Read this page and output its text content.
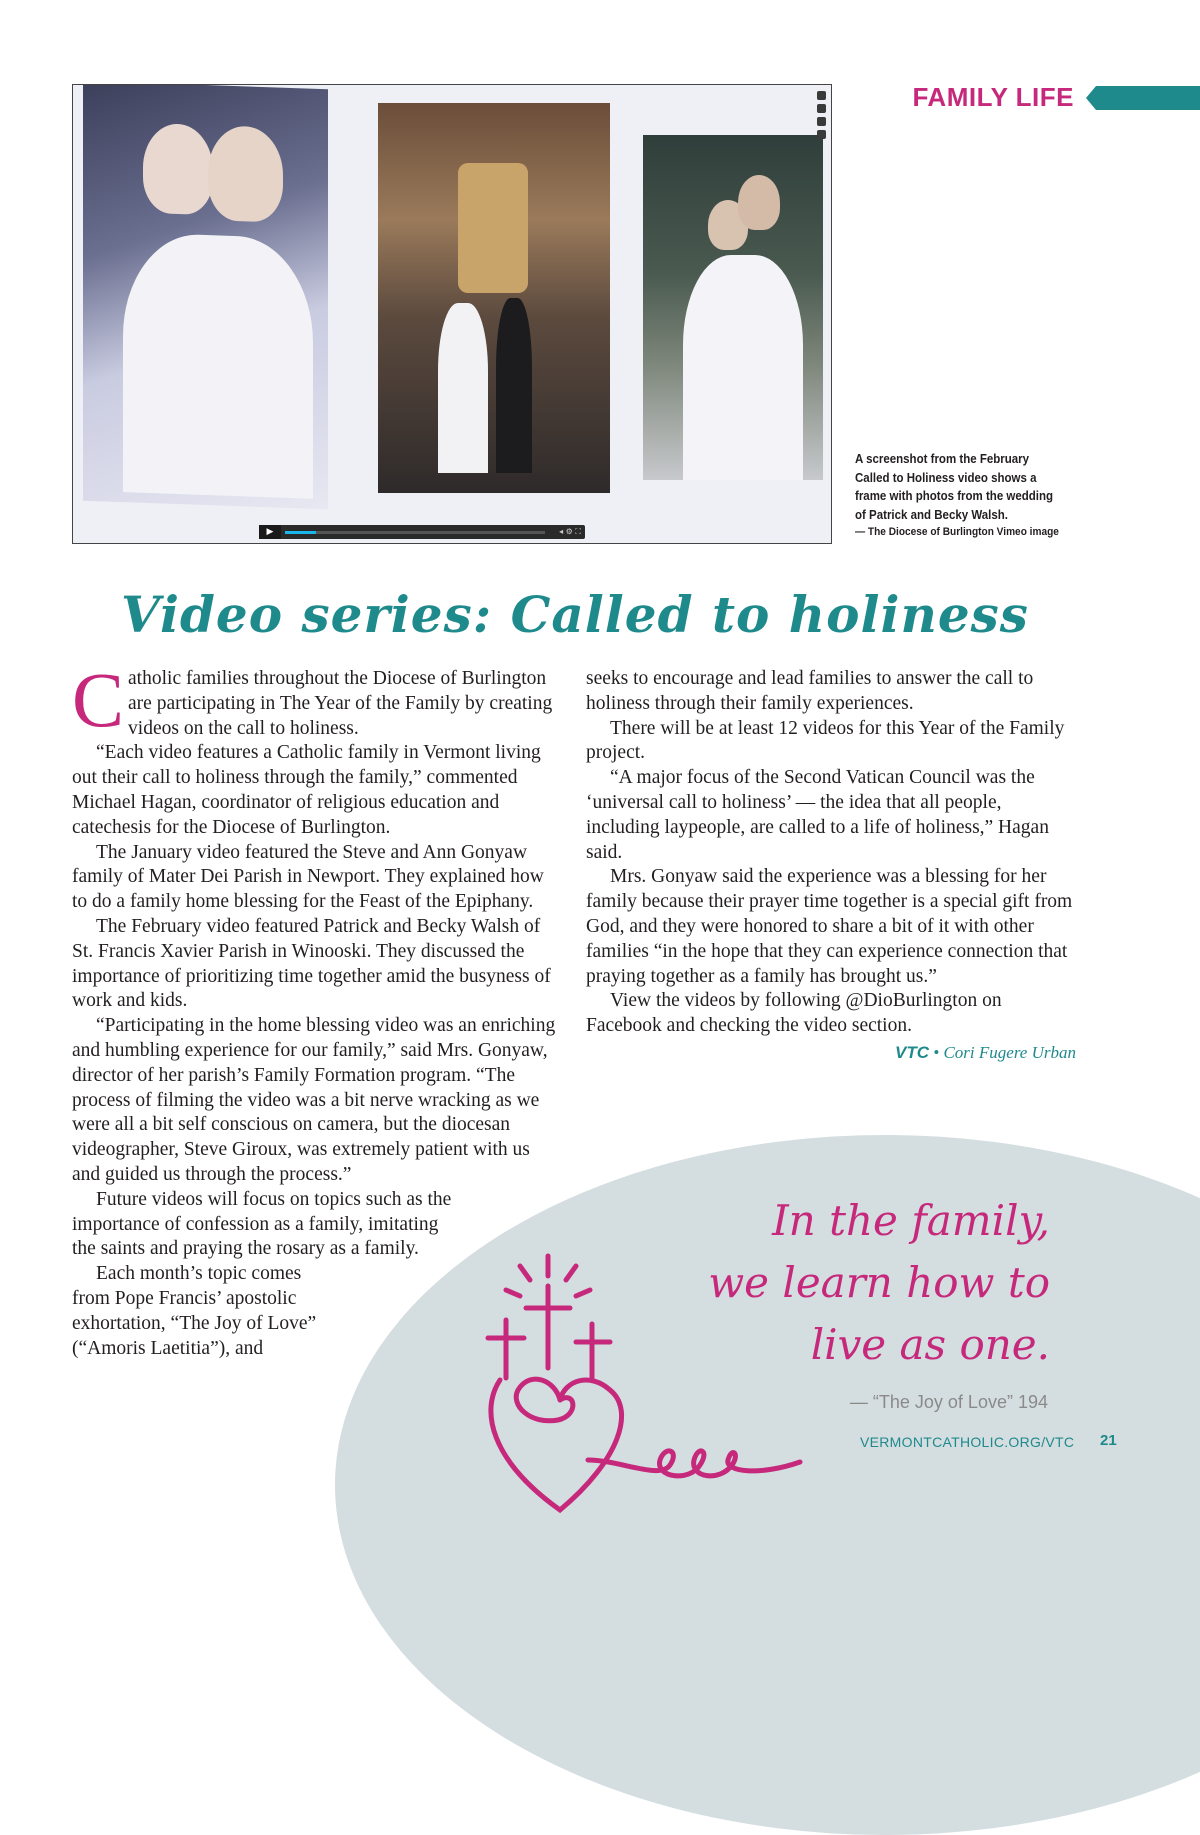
FAMILY LIFE
▶	◂ ⚙ ⛶
A screenshot from the February
Called to Holiness video shows a
frame with photos from the wedding
of Patrick and Becky Walsh.
— The Diocese of Burlington Vimeo image
Video series: Called to holiness

Catholic families throughout the Diocese of Burlington are participating in The Year of the Family by creating videos on the call to holiness.

“Each video features a Catholic family in Vermont living out their call to holiness through the family,” commented Michael Hagan, coordinator of religious education and catechesis for the Diocese of Burlington.

The January video featured the Steve and Ann Gonyaw family of Mater Dei Parish in Newport. They explained how to do a family home blessing for the Feast of the Epiphany.

The February video featured Patrick and Becky Walsh of St. Francis Xavier Parish in Winooski. They discussed the importance of prioritizing time together amid the busyness of work and kids.

“Participating in the home blessing video was an enriching and humbling experience for our family,” said Mrs. Gonyaw, director of her parish’s Family Formation program. “The process of filming the video was a bit nerve wracking as we were all a bit self conscious on camera, but the diocesan videographer, Steve Giroux, was extremely patient with us and guided us through the process.”

Future videos will focus on topics such as the importance of confession as a family, imitating the saints and praying the rosary as a family.

Each month’s topic comes from Pope Francis’ apostolic exhortation, “The Joy of Love” (“Amoris Laetitia”), and

seeks to encourage and lead families to answer the call to holiness through their family experiences.

There will be at least 12 videos for this Year of the Family project.

“A major focus of the Second Vatican Council was the ‘universal call to holiness’ — the idea that all people, including laypeople, are called to a life of holiness,” Hagan said.

Mrs. Gonyaw said the experience was a blessing for her family because their prayer time together is a special gift from God, and they were honored to share a bit of it with other families “in the hope that they can experience connection that praying together as a family has brought us.”

View the videos by following @DioBurlington on Facebook and checking the video section.

VTC • Cori Fugere Urban
In the family,
we learn how to
live as one.
— “The Joy of Love” 194
VERMONTCATHOLIC.ORG/VTC 21
